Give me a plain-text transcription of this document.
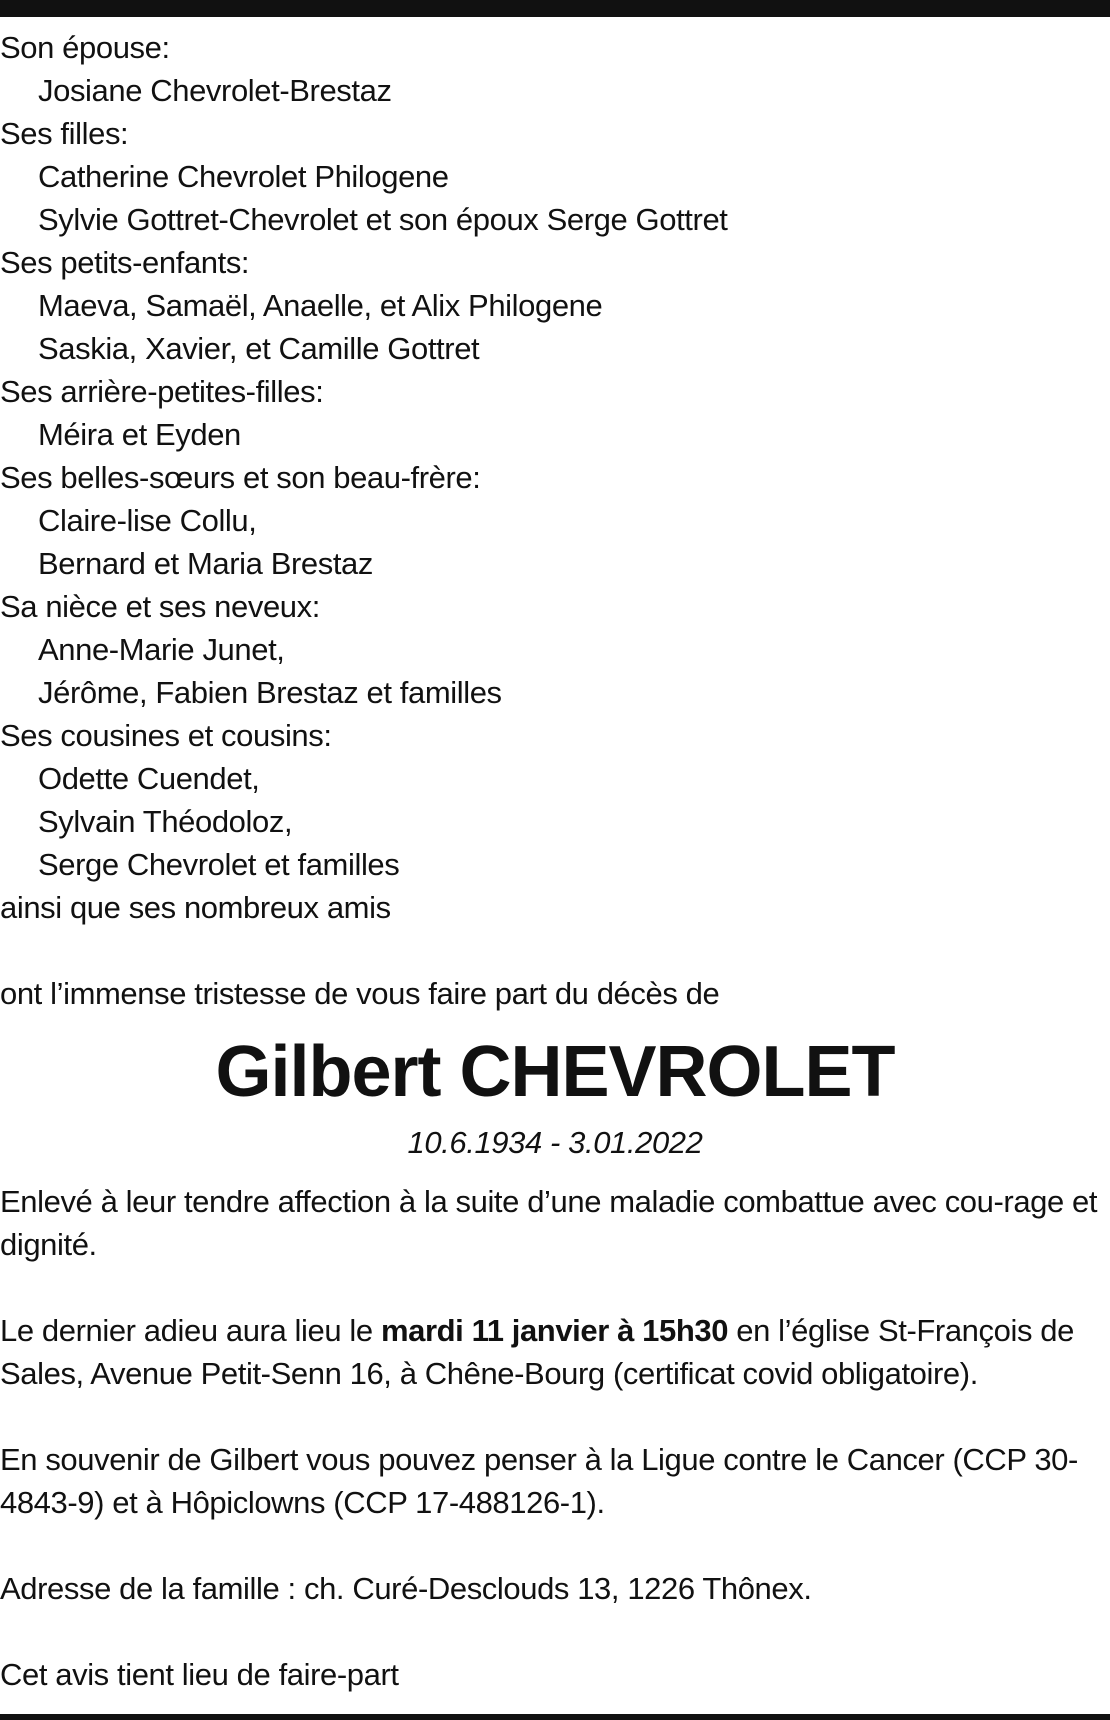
Son épouse:
Josiane Chevrolet-Brestaz
Ses filles:
Catherine Chevrolet Philogene
Sylvie Gottret-Chevrolet et son époux Serge Gottret
Ses petits-enfants:
Maeva, Samaël, Anaelle, et Alix Philogene
Saskia, Xavier, et Camille Gottret
Ses arrière-petites-filles:
Méira et Eyden
Ses belles-sœurs et son beau-frère:
Claire-lise Collu,
Bernard et Maria Brestaz
Sa nièce et ses neveux:
Anne-Marie Junet,
Jérôme, Fabien Brestaz et familles
Ses cousines et cousins:
Odette Cuendet,
Sylvain Théodoloz,
Serge Chevrolet et familles
ainsi que ses nombreux amis
ont l’immense tristesse de vous faire part du décès de
Gilbert CHEVROLET
10.6.1934 - 3.01.2022
Enlevé à leur tendre affection à la suite d’une maladie combattue avec cou-rage et dignité.
Le dernier adieu aura lieu le mardi 11 janvier à 15h30 en l’église St-François de Sales, Avenue Petit-Senn 16, à Chêne-Bourg (certificat covid obligatoire).
En souvenir de Gilbert vous pouvez penser à la Ligue contre le Cancer (CCP 30-4843-9) et à Hôpiclowns (CCP 17-488126-1).
Adresse de la famille : ch. Curé-Desclouds 13, 1226 Thônex.
Cet avis tient lieu de faire-part
